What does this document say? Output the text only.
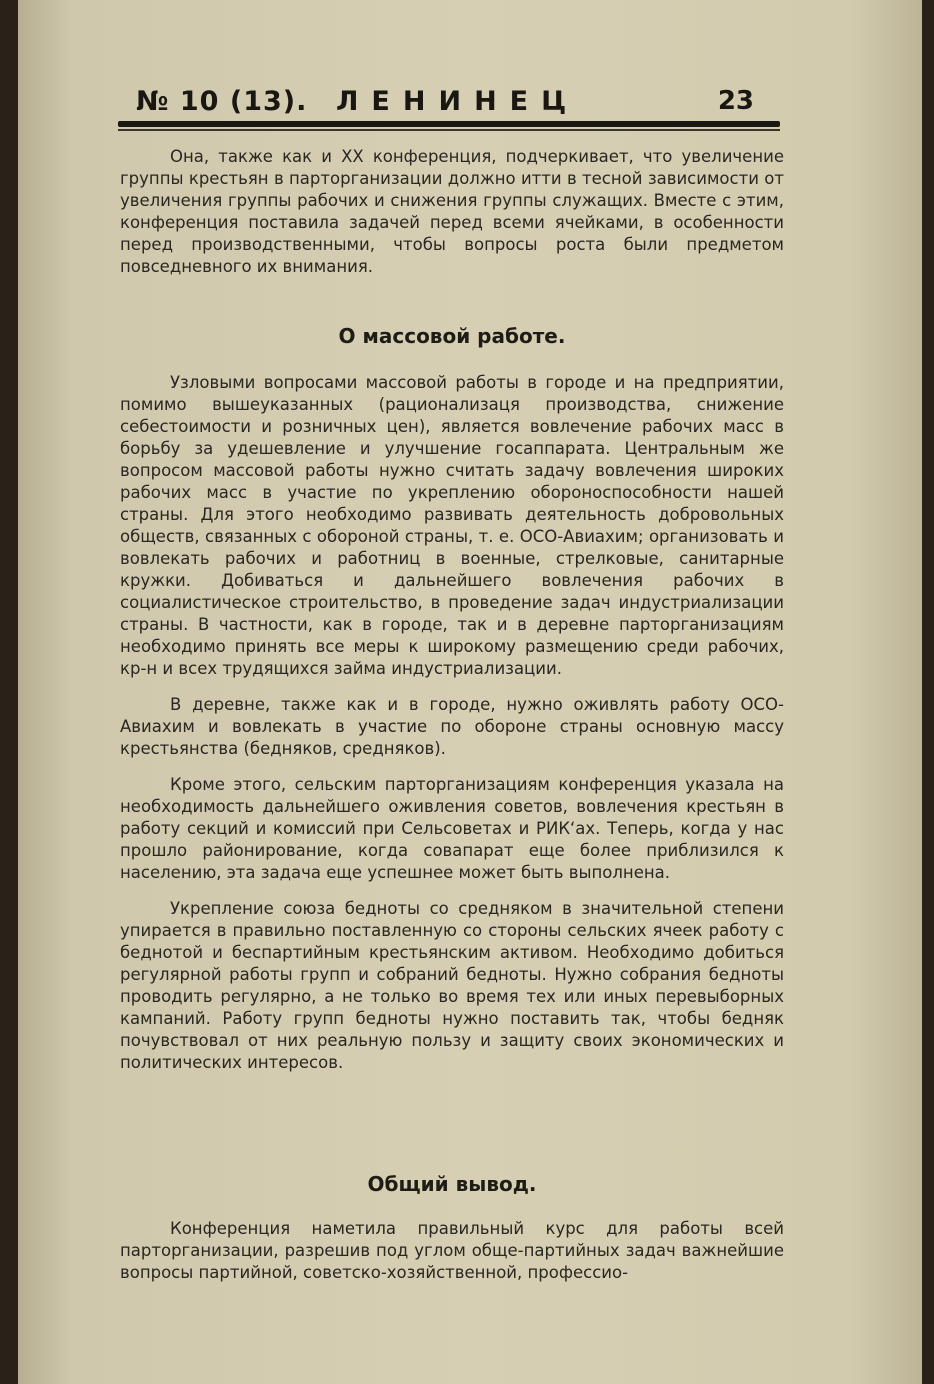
№ 10 (13). ЛЕНИНЕЦ	23

Она, также как и XX конференция, подчеркивает, что увеличение группы крестьян в парторганизации должно итти в тесной зависимости от увеличения группы рабочих и снижения группы служащих. Вместе с этим, конференция поставила задачей перед всеми ячейками, в особенности перед производственными, чтобы вопросы роста были предметом повседневного их внимания.

О массовой работе.

Узловыми вопросами массовой работы в городе и на предприятии, помимо вышеуказанных (рационализаця производства, снижение себестоимости и розничных цен), является вовлечение рабочих масс в борьбу за удешевление и улучшение госаппарата. Центральным же вопросом массовой работы нужно считать задачу вовлечения широких рабочих масс в участие по укреплению обороноспособности нашей страны. Для этого необходимо развивать деятельность добровольных обществ, связанных с обороной страны, т. е. ОСО-Авиахим; организовать и вовлекать рабочих и работниц в военные, стрелковые, санитарные кружки. Добиваться и дальнейшего вовлечения рабочих в социалистическое строительство, в проведение задач индустриализации страны. В частности, как в городе, так и в деревне парторганизациям необходимо принять все меры к широкому размещению среди рабочих, кр-н и всех трудящихся займа индустриализации.

В деревне, также как и в городе, нужно оживлять работу ОСО-Авиахим и вовлекать в участие по обороне страны основную массу крестьянства (бедняков, средняков).

Кроме этого, сельским парторганизациям конференция указала на необходимость дальнейшего оживления советов, вовлечения крестьян в работу секций и комиссий при Сельсоветах и РИК‘ах. Теперь, когда у нас прошло районирование, когда совапарат еще более приблизился к населению, эта задача еще успешнее может быть выполнена.

Укрепление союза бедноты со средняком в значительной степени упирается в правильно поставленную со стороны сельских ячеек работу с беднотой и беспартийным крестьянским активом. Необходимо добиться регулярной работы групп и собраний бедноты. Нужно собрания бедноты проводить регулярно, а не только во время тех или иных перевыборных кампаний. Работу групп бедноты нужно поставить так, чтобы бедняк почувствовал от них реальную пользу и защиту своих экономических и политических интересов.

Общий вывод.

Конференция наметила правильный курс для работы всей парторганизации, разрешив под углом обще-партийных задач важнейшие вопросы партийной, советско-хозяйственной, професcио-
